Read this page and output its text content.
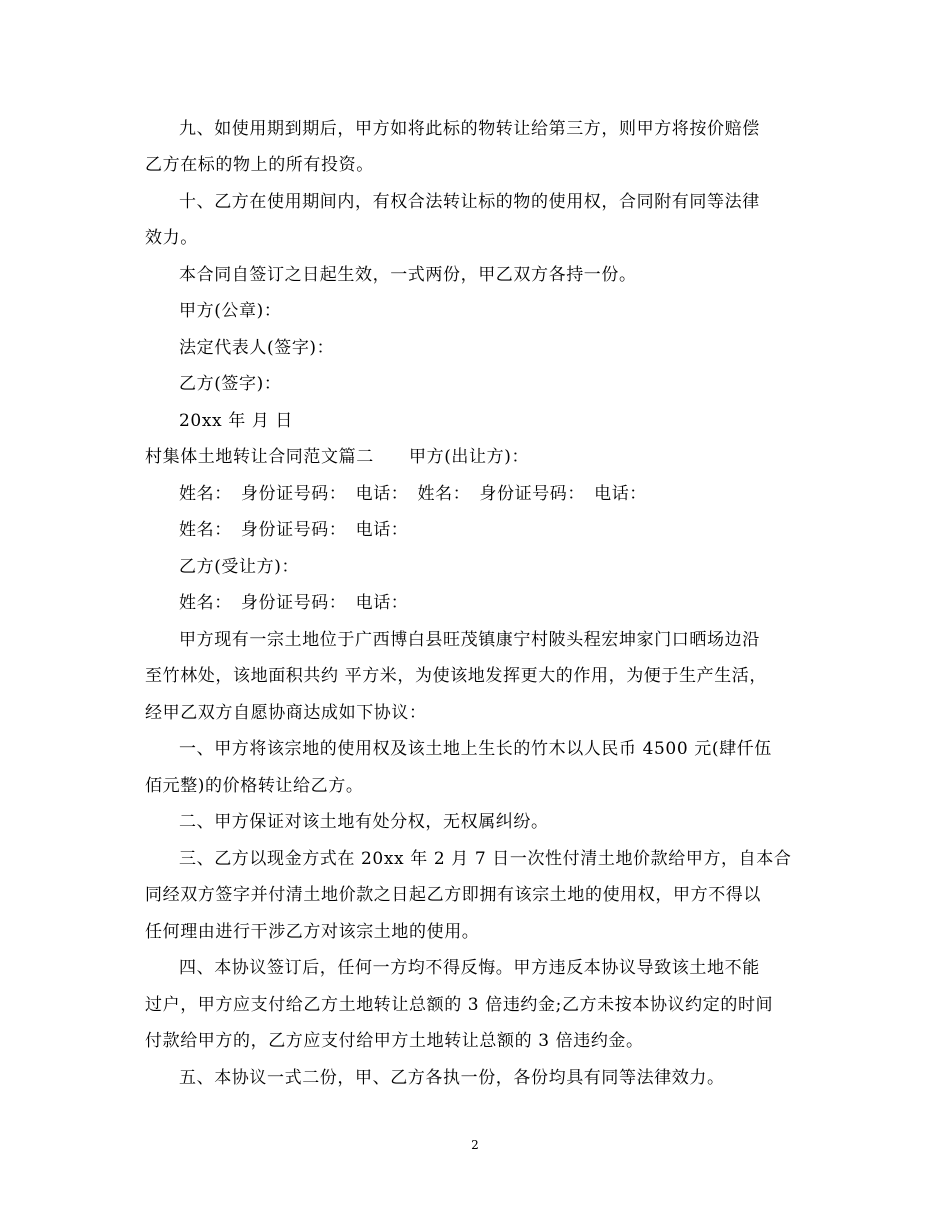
九、如使用期到期后，甲方如将此标的物转让给第三方，则甲方将按价赔偿
乙方在标的物上的所有投资。
十、乙方在使用期间内，有权合法转让标的物的使用权，合同附有同等法律
效力。
本合同自签订之日起生效，一式两份，甲乙双方各持一份。
甲方(公章)：
法定代表人(签字)：
乙方(签字)：
20xx 年 月 日
村集体土地转让合同范文篇二　　甲方(出让方)：
姓名：　身份证号码：　电话：　姓名：　身份证号码：　电话：
姓名：　身份证号码：　电话：
乙方(受让方)：
姓名：　身份证号码：　电话：
甲方现有一宗土地位于广西博白县旺茂镇康宁村陂头程宏坤家门口晒场边沿
至竹林处，该地面积共约 平方米，为使该地发挥更大的作用，为便于生产生活，
经甲乙双方自愿协商达成如下协议：
一、甲方将该宗地的使用权及该土地上生长的竹木以人民币 4500 元(肆仟伍
佰元整)的价格转让给乙方。
二、甲方保证对该土地有处分权，无权属纠纷。
三、乙方以现金方式在 20xx 年 2 月 7 日一次性付清土地价款给甲方，自本合
同经双方签字并付清土地价款之日起乙方即拥有该宗土地的使用权，甲方不得以
任何理由进行干涉乙方对该宗土地的使用。
四、本协议签订后，任何一方均不得反悔。甲方违反本协议导致该土地不能
过户，甲方应支付给乙方土地转让总额的 3 倍违约金;乙方未按本协议约定的时间
付款给甲方的，乙方应支付给甲方土地转让总额的 3 倍违约金。
五、本协议一式二份，甲、乙方各执一份，各份均具有同等法律效力。
2
